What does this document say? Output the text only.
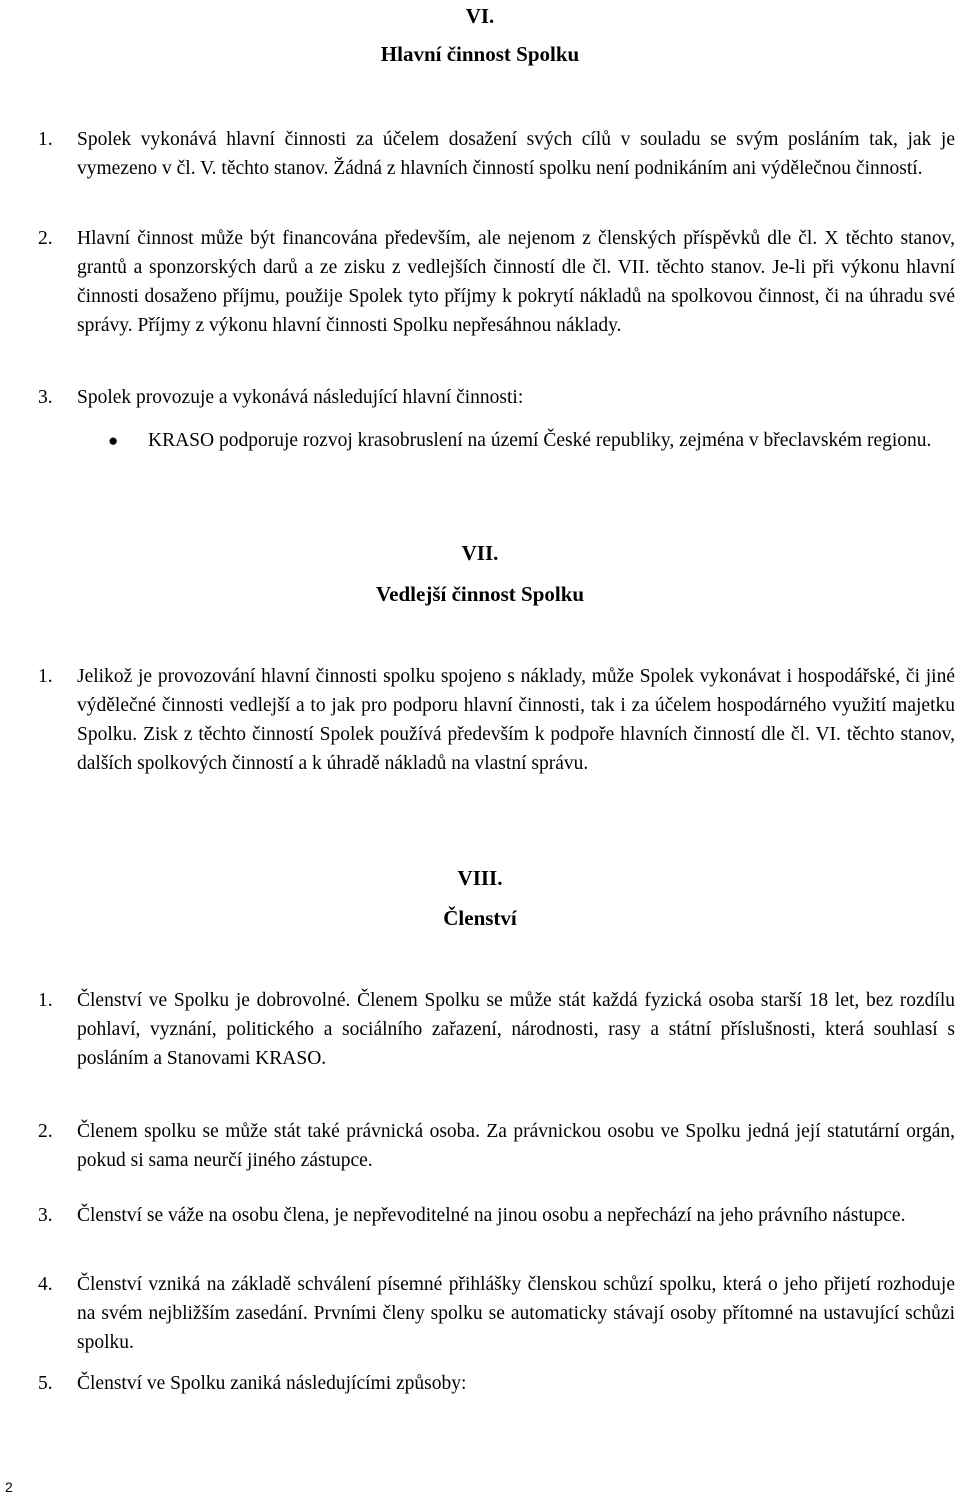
VI.

Hlavní činnost Spolku

1. Spolek vykonává hlavní činnosti za účelem dosažení svých cílů v souladu se svým posláním tak, jak je vymezeno v čl. V. těchto stanov. Žádná z hlavních činností spolku není podnikáním ani výdělečnou činností.
2. Hlavní činnost může být financována především, ale nejenom z členských příspěvků dle čl. X těchto stanov, grantů a sponzorských darů a ze zisku z vedlejších činností dle čl. VII. těchto stanov. Je-li při výkonu hlavní činnosti dosaženo příjmu, použije Spolek tyto příjmy k pokrytí nákladů na spolkovou činnost, či na úhradu své správy. Příjmy z výkonu hlavní činnosti Spolku nepřesáhnou náklady.
3. Spolek provozuje a vykonává následující hlavní činnosti:
● KRASO podporuje rozvoj krasobruslení na území České republiky, zejména v břeclavském regionu.

VII.

Vedlejší činnost Spolku

1. Jelikož je provozování hlavní činnosti spolku spojeno s náklady, může Spolek vykonávat i hospodářské, či jiné výdělečné činnosti vedlejší a to jak pro podporu hlavní činnosti, tak i za účelem hospodárného využití majetku Spolku. Zisk z těchto činností Spolek používá především k podpoře hlavních činností dle čl. VI. těchto stanov, dalších spolkových činností a k úhradě nákladů na vlastní správu.

VIII.

Členství

1. Členství ve Spolku je dobrovolné. Členem Spolku se může stát každá fyzická osoba starší 18 let, bez rozdílu pohlaví, vyznání, politického a sociálního zařazení, národnosti, rasy a státní příslušnosti, která souhlasí s posláním a Stanovami KRASO.
2. Členem spolku se může stát také právnická osoba. Za právnickou osobu ve Spolku jedná její statutární orgán, pokud si sama neurčí jiného zástupce.
3. Členství se váže na osobu člena, je nepřevoditelné na jinou osobu a nepřechází na jeho právního nástupce.
4. Členství vzniká na základě schválení písemné přihlášky členskou schůzí spolku, která o jeho přijetí rozhoduje na svém nejbližším zasedání. Prvními členy spolku se automaticky stávají osoby přítomné na ustavující schůzi spolku.
5. Členství ve Spolku zaniká následujícími způsoby:
2
